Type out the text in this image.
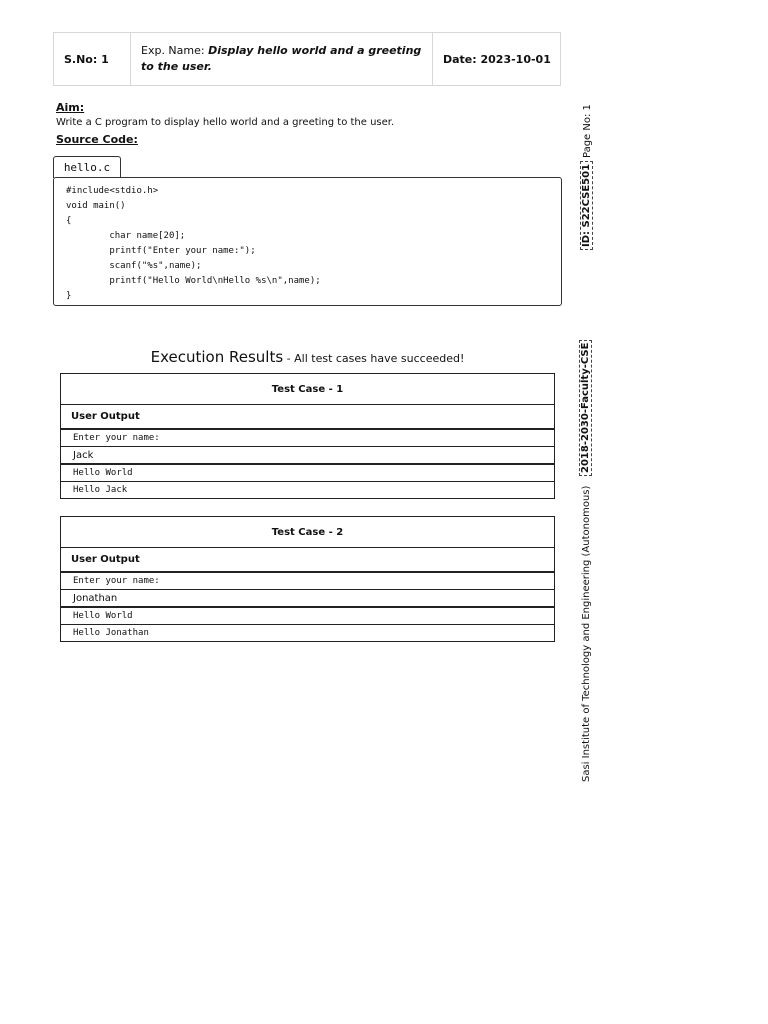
S.No: 1
Exp. Name: Display hello world and a greeting to the user.
Date: 2023-10-01
Aim:
Write a C program to display hello world and a greeting to the user.
Source Code:
hello.c
#include<stdio.h>
void main()
{
char name[20];
printf("Enter your name:");
scanf("%s",name);
printf("Hello World\nHello %s\n",name);
}
Page No: 1
ID: S22CSE501
2018-2030-Faculty-CSE
Sasi Institute of Technology and Engineering (Autonomous)
Execution Results - All test cases have succeeded!
Test Case - 1
User Output
Enter your name:
Jack
Hello World
Hello Jack
Test Case - 2
User Output
Enter your name:
Jonathan
Hello World
Hello Jonathan
